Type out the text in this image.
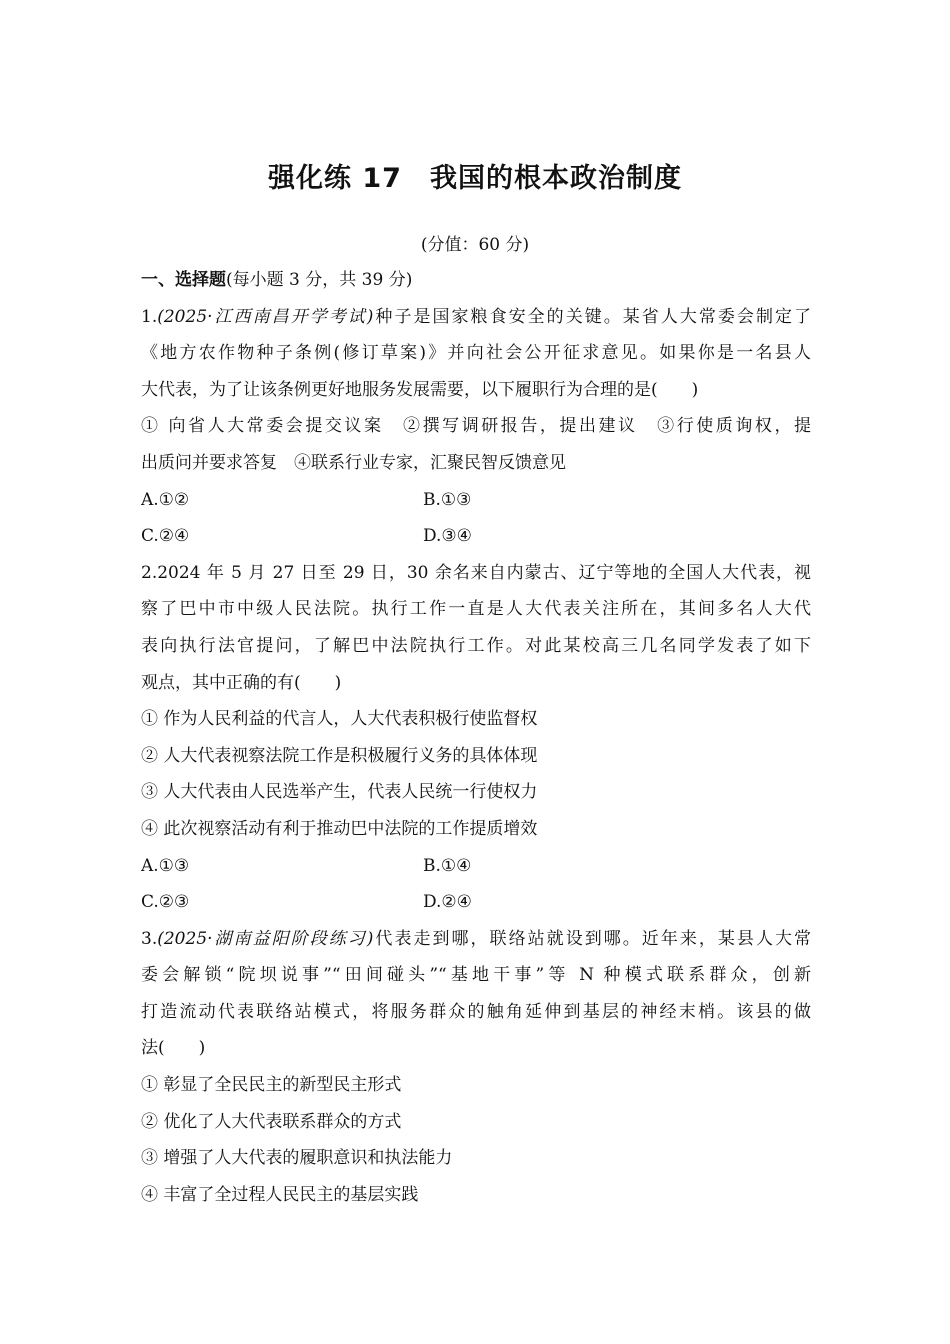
强化练 17　我国的根本政治制度
(分值：60 分)
一、选择题(每小题 3 分，共 39 分)
1.(2025·江西南昌开学考试)种子是国家粮食安全的关键。某省人大常委会制定了
《地方农作物种子条例(修订草案)》并向社会公开征求意见。如果你是一名县人
大代表，为了让该条例更好地服务发展需要，以下履职行为合理的是(　　)
① 向省人大常委会提交议案　②撰写调研报告，提出建议　③行使质询权，提
出质问并要求答复　④联系行业专家，汇聚民智反馈意见
A.①②	B.①③
C.②④	D.③④
2.2024 年 5 月 27 日至 29 日，30 余名来自内蒙古、辽宁等地的全国人大代表，视
察了巴中市中级人民法院。执行工作一直是人大代表关注所在，其间多名人大代
表向执行法官提问，了解巴中法院执行工作。对此某校高三几名同学发表了如下
观点，其中正确的有(　　)
① 作为人民利益的代言人，人大代表积极行使监督权
② 人大代表视察法院工作是积极履行义务的具体体现
③ 人大代表由人民选举产生，代表人民统一行使权力
④ 此次视察活动有利于推动巴中法院的工作提质增效
A.①③	B.①④
C.②③	D.②④
3.(2025·湖南益阳阶段练习)代表走到哪，联络站就设到哪。近年来，某县人大常
委会解锁“院坝说事”“田间碰头”“基地干事”等 N 种模式联系群众，创新
打造流动代表联络站模式，将服务群众的触角延伸到基层的神经末梢。该县的做
法(　　)
① 彰显了全民民主的新型民主形式
② 优化了人大代表联系群众的方式
③ 增强了人大代表的履职意识和执法能力
④ 丰富了全过程人民民主的基层实践
